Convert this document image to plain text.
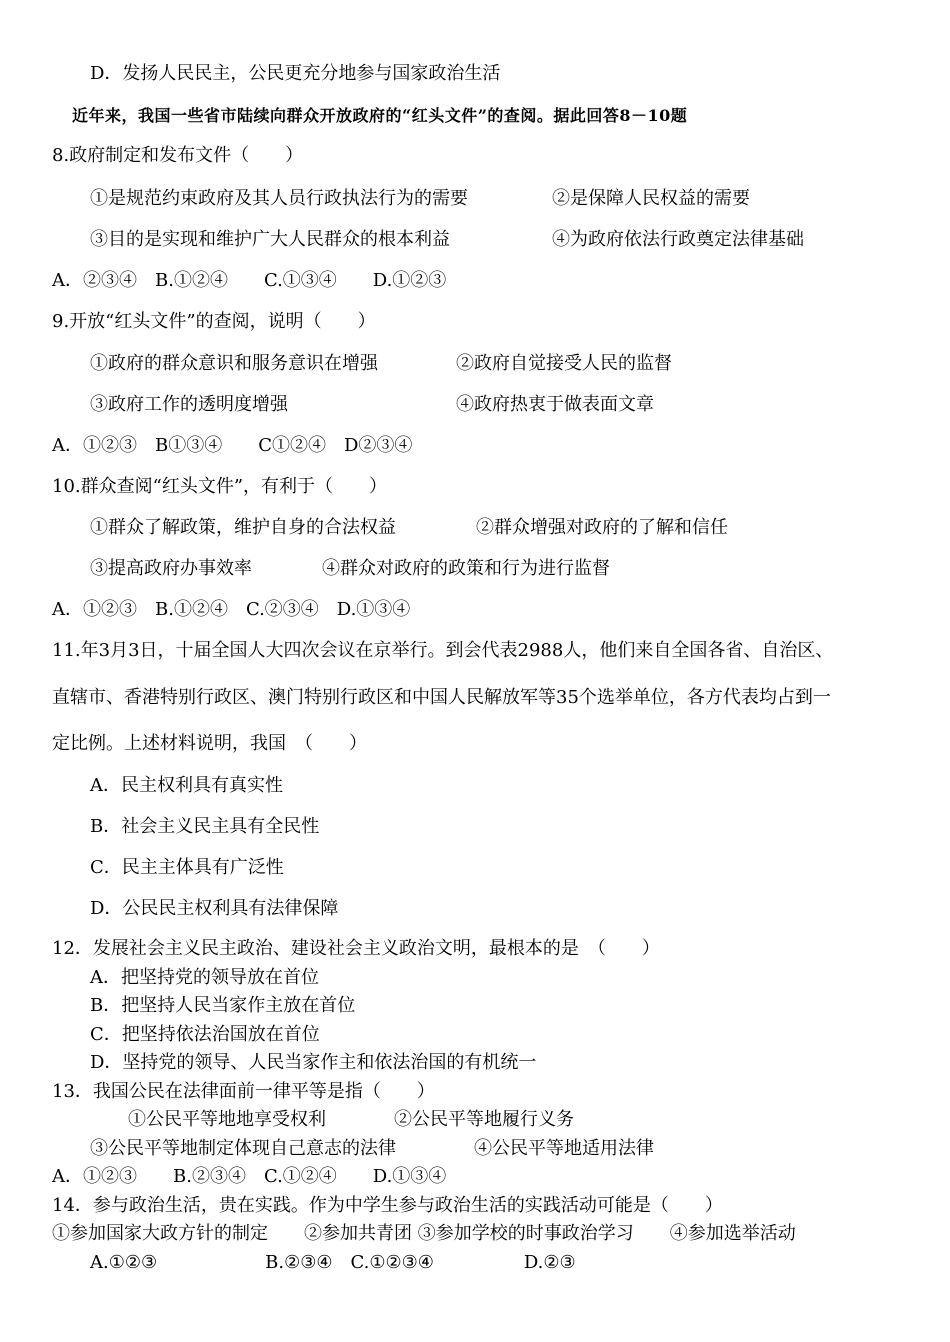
D．发扬人民民主，公民更充分地参与国家政治生活
近年来，我国一些省市陆续向群众开放政府的“红头文件”的查阅。据此回答8－10题
8.政府制定和发布文件（　　）
①是规范约束政府及其人员行政执法行为的需要	②是保障人民权益的需要
③目的是实现和维护广大人民群众的根本利益	④为政府依法行政奠定法律基础
A．②③④　B.①②④　　C.①③④　　D.①②③
9.开放“红头文件”的查阅，说明（　　）
①政府的群众意识和服务意识在增强	②政府自觉接受人民的监督
③政府工作的透明度增强	④政府热衷于做表面文章
A．①②③　B①③④　　C①②④　D②③④
10.群众查阅“红头文件”，有利于（　　）
①群众了解政策，维护自身的合法权益	②群众增强对政府的了解和信任
③提高政府办事效率	④群众对政府的政策和行为进行监督
A．①②③　B.①②④　C.②③④　D.①③④
11.年3月3日，十届全国人大四次会议在京举行。到会代表2988人，他们来自全国各省、自治区、
直辖市、香港特别行政区、澳门特别行政区和中国人民解放军等35个选举单位，各方代表均占到一
定比例。上述材料说明，我国　（　　）
A．民主权利具有真实性
B．社会主义民主具有全民性
C．民主主体具有广泛性
D．公民民主权利具有法律保障
12．发展社会主义民主政治、建设社会主义政治文明，最根本的是　（　　）
A．把坚持党的领导放在首位
B．把坚持人民当家作主放在首位
C．把坚持依法治国放在首位
D．坚持党的领导、人民当家作主和依法治国的有机统一
13．我国公民在法律面前一律平等是指（　　）
①公民平等地地享受权利	②公民平等地履行义务
③公民平等地制定体现自己意志的法律	④公民平等地适用法律
A．①②③　　B.②③④　C.①②④　　D.①③④
14．参与政治生活，贵在实践。作为中学生参与政治生活的实践活动可能是（　　）
①参加国家大政方针的制定　　②参加共青团 ③参加学校的时事政治学习　　④参加选举活动
A.①②③　　　　　　B.②③④　C.①②③④　　　　　D.②③
